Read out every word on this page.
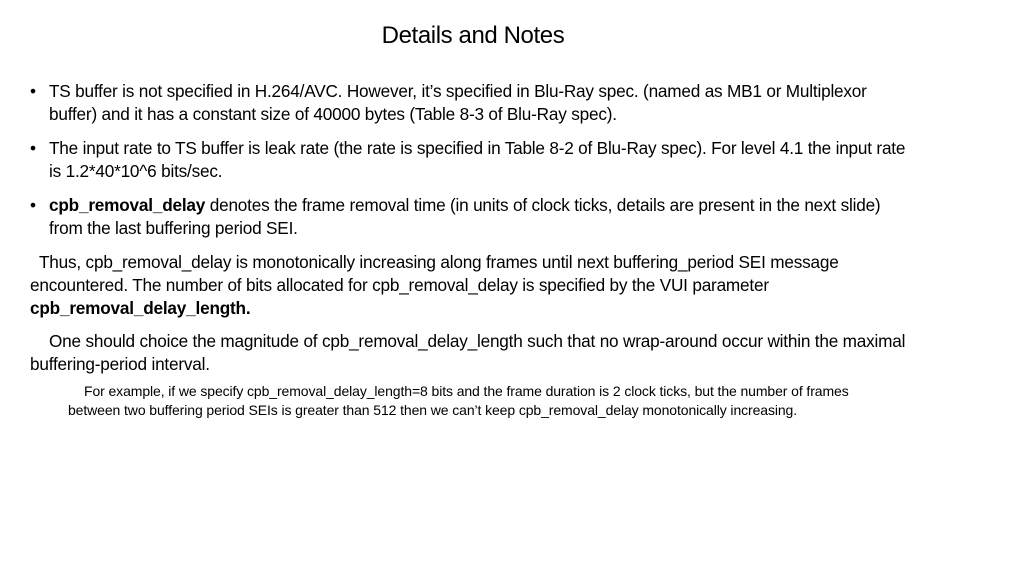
Details and Notes
• TS buffer is not specified in H.264/AVC. However, it’s specified in Blu-Ray spec. (named as MB1 or Multiplexor buffer) and it has a constant size of 40000 bytes (Table 8-3 of Blu-Ray spec).
• The input rate to TS buffer is leak rate (the rate is specified in Table 8-2 of Blu-Ray spec). For level 4.1 the input rate is 1.2*40*10^6 bits/sec.
• cpb_removal_delay denotes the frame removal time (in units of clock ticks, details are present in the next slide) from the last buffering period SEI.
Thus, cpb_removal_delay is monotonically increasing along frames until next buffering_period SEI message encountered. The number of bits allocated for cpb_removal_delay is specified by the VUI parameter cpb_removal_delay_length.
One should choice the magnitude of cpb_removal_delay_length such that no wrap-around occur within the maximal buffering-period interval.
For example, if we specify cpb_removal_delay_length=8 bits and the frame duration is 2 clock ticks, but the number of frames between two buffering period SEIs is greater than 512 then we can’t keep cpb_removal_delay monotonically increasing.
